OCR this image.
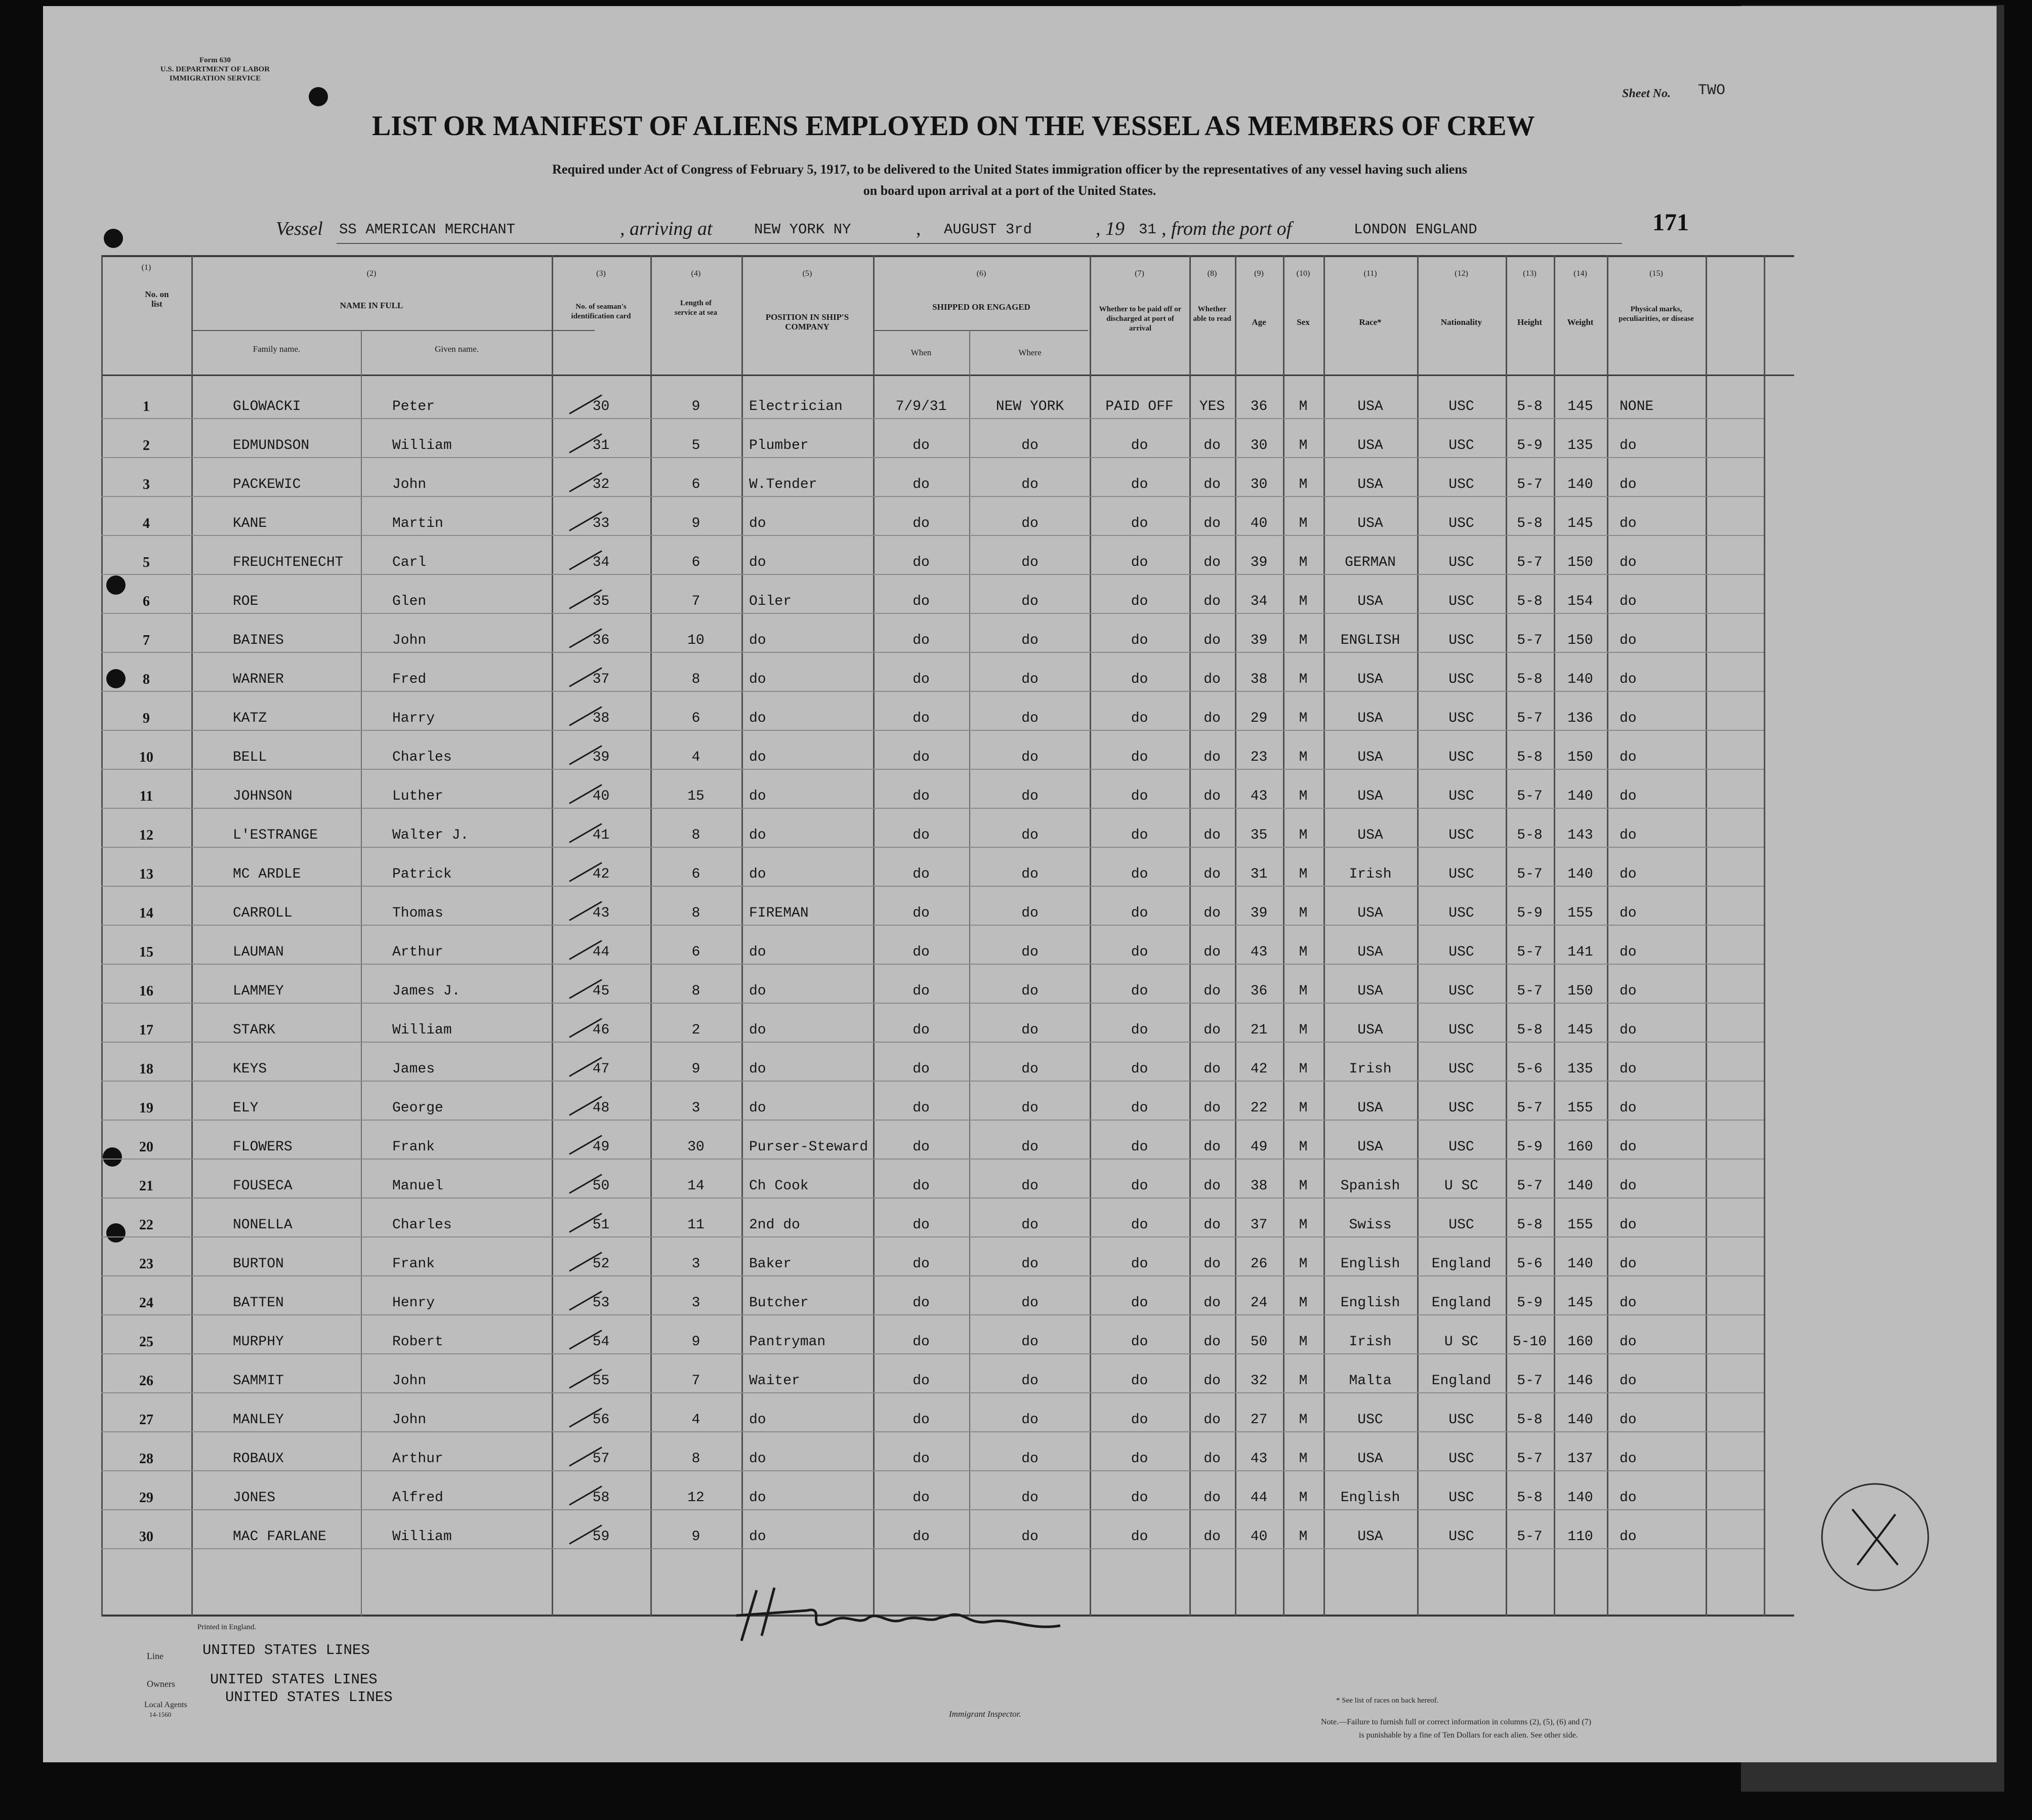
Form 630
U.S. DEPARTMENT OF LABOR
IMMIGRATION SERVICE
Sheet No. TWO
LIST OR MANIFEST OF ALIENS EMPLOYED ON THE VESSEL AS MEMBERS OF CREW
Required under Act of Congress of February 5, 1917, to be delivered to the United States immigration officer by the representatives of any vessel having such aliens
on board upon arrival at a port of the United States.
171
Vessel SS AMERICAN MERCHANT	, arriving at	NEW YORK NY	, AUGUST 3rd	, 19 31 , from the port of	LONDON ENGLAND
(1)
(2)	(3)	(4)	(5)	(6)	(7)	(8)	(9)	(10)	(11)	(12)	(13)	(14)	(15)
No. on list	NAME IN FULL
Family name.	Given name.
No. of seaman's identification card
Length of service at sea	POSITION IN SHIP'S COMPANY
SHIPPED OR ENGAGED
When	Where
Whether to be paid off or discharged at port of arrival
Whether able to read	Age	Sex	Race*	Nationality	Height	Weight
Physical marks, peculiarities, or disease
1	GLOWACKI	Peter	30	9	Electrician	7/9/31	NEW YORK	PAID OFF	YES	36	M	USA	USC	5-8	145	NONE
2	EDMUNDSON	William	31	5	Plumber	do	do	do	do	30	M	USA	USC	5-9	135	do
3	PACKEWIC	John	32	6	W.Tender	do	do	do	do	30	M	USA	USC	5-7	140	do
4	KANE	Martin	33	9	do	do	do	do	do	40	M	USA	USC	5-8	145	do
5	FREUCHTENECHT	Carl	34	6	do	do	do	do	do	39	M	GERMAN	USC	5-7	150	do
6	ROE	Glen	35	7	Oiler	do	do	do	do	34	M	USA	USC	5-8	154	do
7	BAINES	John	36	10	do	do	do	do	do	39	M	ENGLISH	USC	5-7	150	do
8	WARNER	Fred	37	8	do	do	do	do	do	38	M	USA	USC	5-8	140	do
9	KATZ	Harry	38	6	do	do	do	do	do	29	M	USA	USC	5-7	136	do
10	BELL	Charles	39	4	do	do	do	do	do	23	M	USA	USC	5-8	150	do
11	JOHNSON	Luther	40	15	do	do	do	do	do	43	M	USA	USC	5-7	140	do
12	L'ESTRANGE	Walter J.	41	8	do	do	do	do	do	35	M	USA	USC	5-8	143	do
13	MC ARDLE	Patrick	42	6	do	do	do	do	do	31	M	Irish	USC	5-7	140	do
14	CARROLL	Thomas	43	8	FIREMAN	do	do	do	do	39	M	USA	USC	5-9	155	do
15	LAUMAN	Arthur	44	6	do	do	do	do	do	43	M	USA	USC	5-7	141	do
16	LAMMEY	James J.	45	8	do	do	do	do	do	36	M	USA	USC	5-7	150	do
17	STARK	William	46	2	do	do	do	do	do	21	M	USA	USC	5-8	145	do
18	KEYS	James	47	9	do	do	do	do	do	42	M	Irish	USC	5-6	135	do
19	ELY	George	48	3	do	do	do	do	do	22	M	USA	USC	5-7	155	do
20	FLOWERS	Frank	49	30	Purser-Steward	do	do	do	do	49	M	USA	USC	5-9	160	do
21	FOUSECA	Manuel	50	14	Ch Cook	do	do	do	do	38	M	Spanish	U SC	5-7	140	do
22	NONELLA	Charles	51	11	2nd do	do	do	do	do	37	M	Swiss	USC	5-8	155	do
23	BURTON	Frank	52	3	Baker	do	do	do	do	26	M	English	England	5-6	140	do
24	BATTEN	Henry	53	3	Butcher	do	do	do	do	24	M	English	England	5-9	145	do
25	MURPHY	Robert	54	9	Pantryman	do	do	do	do	50	M	Irish	U SC	5-10	160	do
26	SAMMIT	John	55	7	Waiter	do	do	do	do	32	M	Malta	England	5-7	146	do
27	MANLEY	John	56	4	do	do	do	do	do	27	M	USC	USC	5-8	140	do
28	ROBAUX	Arthur	57	8	do	do	do	do	do	43	M	USA	USC	5-7	137	do
29	JONES	Alfred	58	12	do	do	do	do	do	44	M	English	USC	5-8	140	do
30	MAC FARLANE	William	59	9	do	do	do	do	do	40	M	USA	USC	5-7	110	do
Printed in England.
Line	UNITED STATES LINES
Owners UNITED STATES LINES
Local Agents
14-1560
UNITED STATES LINES
Immigrant Inspector.
* See list of races on back hereof.
Note.—Failure to furnish full or correct information in columns (2), (5), (6) and (7)
is punishable by a fine of Ten Dollars for each alien. See other side.
